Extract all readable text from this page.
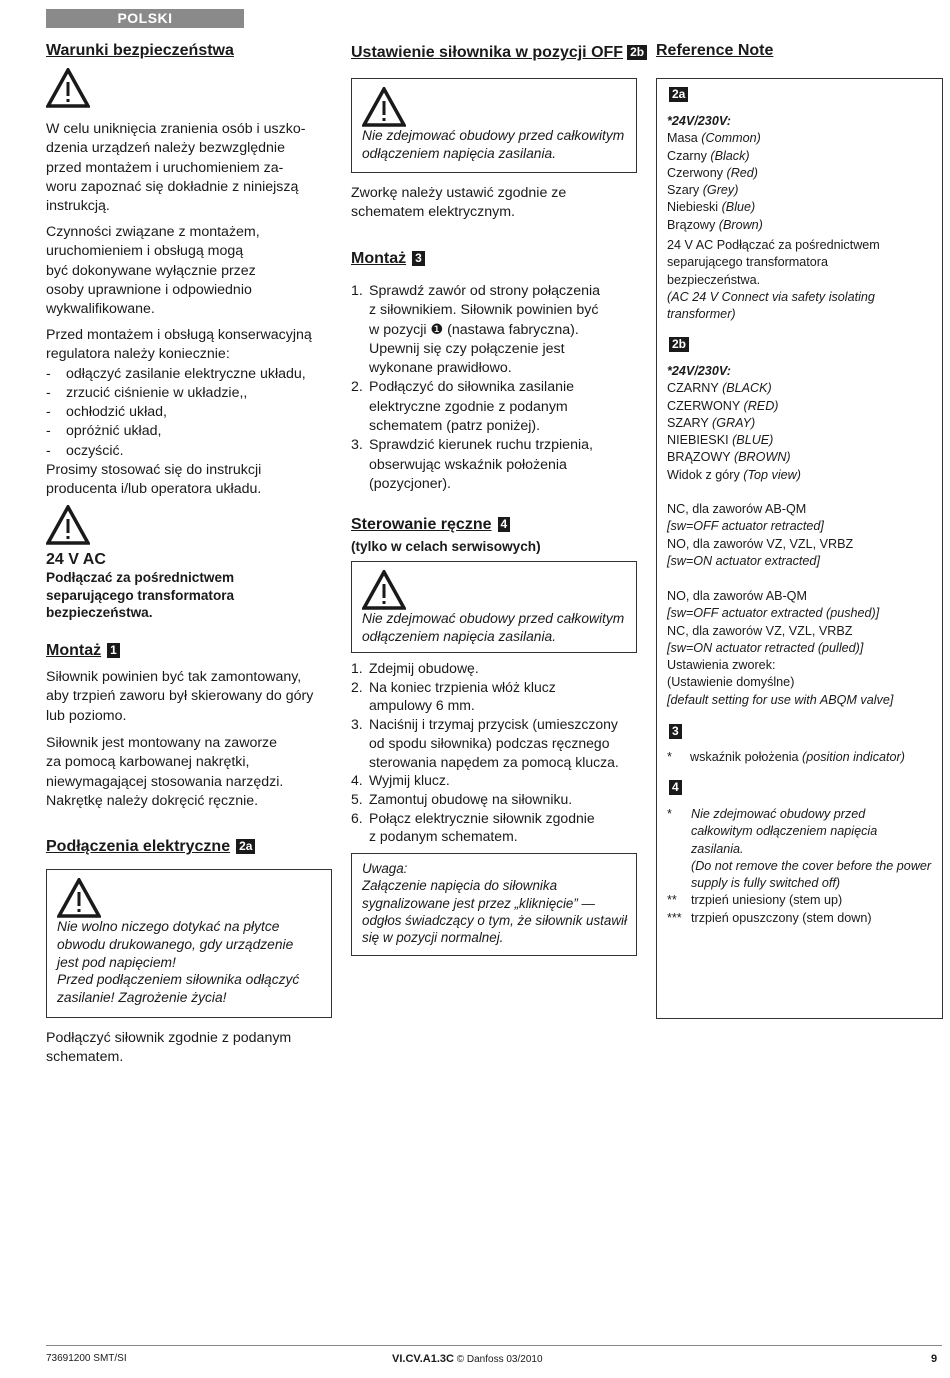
POLSKI
Warunki bezpieczeństwa
W celu uniknięcia zranienia osób i uszko-
dzenia urządzeń należy bezwzględnie
przed montażem i uruchomieniem za-
woru zapoznać się dokładnie z niniejszą
instrukcją.
Czynności związane z montażem,
uruchomieniem i obsługą mogą
być dokonywane wyłącznie przez
osoby uprawnione i odpowiednio
wykwalifikowane.
Przed montażem i obsługą konserwacyjną
regulatora należy koniecznie:
- odłączyć zasilanie elektryczne układu,
- zrzucić ciśnienie w układzie,,
- ochłodzić układ,
- opróżnić układ,
- oczyścić.
Prosimy stosować się do instrukcji
producenta i/lub operatora układu.
24 V AC
Podłączać za pośrednictwem
separującego transformatora
bezpieczeństwa.
Montaż 1
Siłownik powinien być tak zamontowany,
aby trzpień zaworu był skierowany do góry
lub poziomo.
Siłownik jest montowany na zaworze
za pomocą karbowanej nakrętki,
niewymagającej stosowania narzędzi.
Nakrętkę należy dokręcić ręcznie.
Podłączenia elektryczne 2a
Nie wolno niczego dotykać na płytce
obwodu drukowanego, gdy urządzenie
jest pod napięciem!
Przed podłączeniem siłownika odłączyć
zasilanie! Zagrożenie życia!
Podłączyć siłownik zgodnie z podanym
schematem.
Ustawienie siłownika w pozycji OFF 2b
Nie zdejmować obudowy przed całkowitym
odłączeniem napięcia zasilania.
Zworkę należy ustawić zgodnie ze
schematem elektrycznym.
Montaż 3
1. Sprawdź zawór od strony połączenia
z siłownikiem. Siłownik powinien być
w pozycji ❶ (nastawa fabryczna).
Upewnij się czy połączenie jest
wykonane prawidłowo.
2. Podłączyć do siłownika zasilanie
elektryczne zgodnie z podanym
schematem (patrz poniżej).
3. Sprawdzić kierunek ruchu trzpienia,
obserwując wskaźnik położenia
(pozycjoner).
Sterowanie ręczne 4
(tylko w celach serwisowych)
Nie zdejmować obudowy przed całkowitym
odłączeniem napięcia zasilania.
1. Zdejmij obudowę.
2. Na koniec trzpienia włóż klucz
ampulowy 6 mm.
3. Naciśnij i trzymaj przycisk (umieszczony
od spodu siłownika) podczas ręcznego
sterowania napędem za pomocą klucza.
4. Wyjmij klucz.
5. Zamontuj obudowę na siłowniku.
6. Połącz elektrycznie siłownik zgodnie
z podanym schematem.
Uwaga:
Załączenie napięcia do siłownika
sygnalizowane jest przez „kliknięcie” —
odgłos świadczący o tym, że siłownik ustawił
się w pozycji normalnej.
Reference Note
2a
*24V/230V:
Masa (Common)
Czarny (Black)
Czerwony (Red)
Szary (Grey)
Niebieski (Blue)
Brązowy (Brown)
24 V AC Podłączać za pośrednictwem
separującego transformatora
bezpieczeństwa.
(AC 24 V Connect via safety isolating
transformer)
2b
*24V/230V:
CZARNY (BLACK)
CZERWONY (RED)
SZARY (GRAY)
NIEBIESKI (BLUE)
BRĄZOWY (BROWN)
Widok z góry (Top view)
NC, dla zaworów AB-QM
[sw=OFF actuator retracted]
NO, dla zaworów VZ, VZL, VRBZ
[sw=ON actuator extracted]
NO, dla zaworów AB-QM
[sw=OFF actuator extracted (pushed)]
NC, dla zaworów VZ, VZL, VRBZ
[sw=ON actuator retracted (pulled)]
Ustawienia zworek:
(Ustawienie domyślne)
[default setting for use with ABQM valve]
3
* wskaźnik położenia (position indicator)
4
*	Nie zdejmować obudowy przed
całkowitym odłączeniem napięcia
zasilania.
(Do not remove the cover before the power
supply is fully switched off)
**	trzpień uniesiony (stem up)
*** trzpień opuszczony (stem down)
73691200 SMT/SI	VI.CV.A1.3C © Danfoss 03/2010	9
